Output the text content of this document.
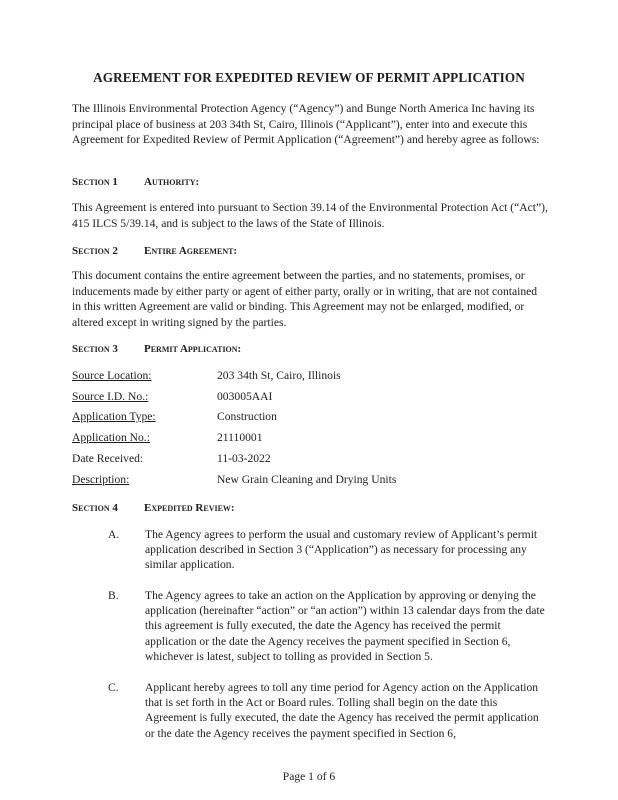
AGREEMENT FOR EXPEDITED REVIEW OF PERMIT APPLICATION
The Illinois Environmental Protection Agency (“Agency”) and Bunge North America Inc having its principal place of business at 203 34th St, Cairo, Illinois (“Applicant”), enter into and execute this Agreement for Expedited Review of Permit Application (“Agreement”) and hereby agree as follows:
Section 1 Authority:
This Agreement is entered into pursuant to Section 39.14 of the Environmental Protection Act (“Act”), 415 ILCS 5/39.14, and is subject to the laws of the State of Illinois.
Section 2 Entire Agreement:
This document contains the entire agreement between the parties, and no statements, promises, or inducements made by either party or agent of either party, orally or in writing, that are not contained in this written Agreement are valid or binding. This Agreement may not be enlarged, modified, or altered except in writing signed by the parties.
Section 3 Permit Application:
Source Location:	203 34th St, Cairo, Illinois
Source I.D. No.:	003005AAI
Application Type:	Construction
Application No.:	21110001
Date Received:	11-03-2022
Description:	New Grain Cleaning and Drying Units
Section 4 Expedited Review:
A. The Agency agrees to perform the usual and customary review of Applicant’s permit application described in Section 3 (“Application”) as necessary for processing any similar application.
B. The Agency agrees to take an action on the Application by approving or denying the application (hereinafter “action” or “an action”) within 13 calendar days from the date this agreement is fully executed, the date the Agency has received the permit application or the date the Agency receives the payment specified in Section 6, whichever is latest, subject to tolling as provided in Section 5.
C. Applicant hereby agrees to toll any time period for Agency action on the Application that is set forth in the Act or Board rules. Tolling shall begin on the date this Agreement is fully executed, the date the Agency has received the permit application or the date the Agency receives the payment specified in Section 6,
Page 1 of 6
